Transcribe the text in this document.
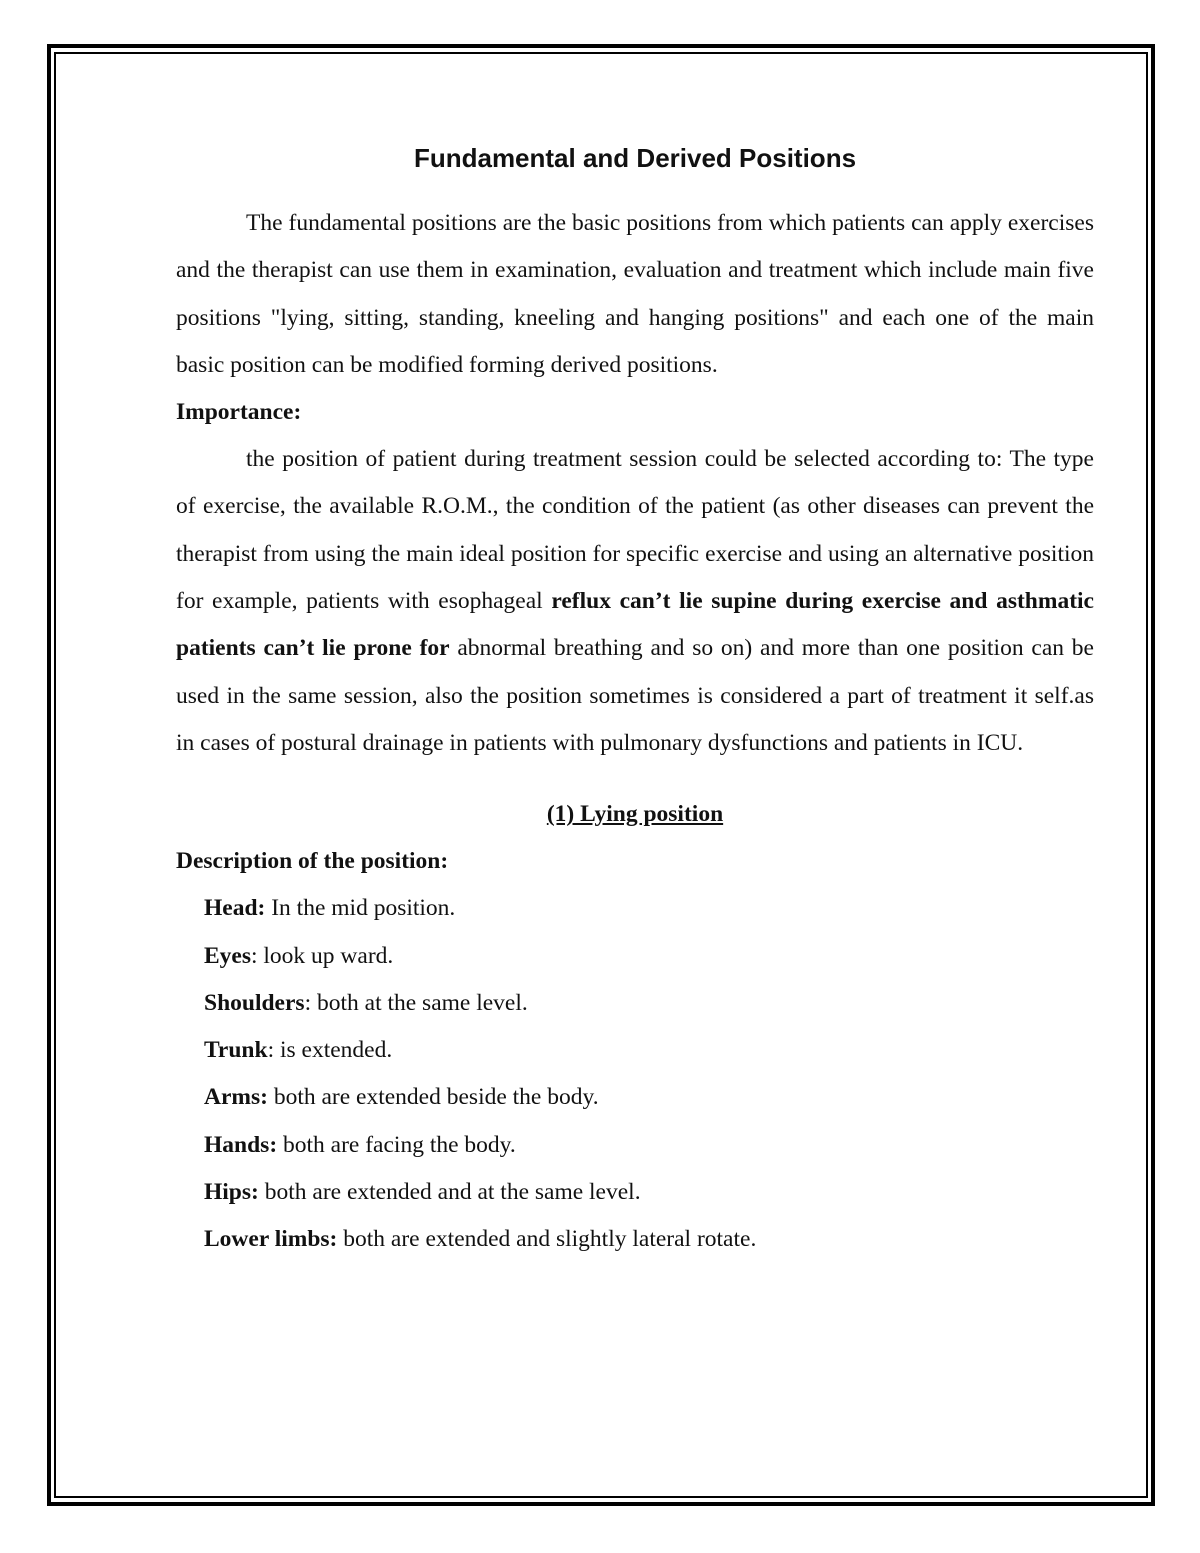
Fundamental and Derived Positions

The fundamental positions are the basic positions from which patients can apply exercises and the therapist can use them in examination, evaluation and treatment which include main five positions "lying, sitting, standing, kneeling and hanging positions" and each one of the main basic position can be modified forming derived positions.

Importance:

the position of patient during treatment session could be selected according to: The type of exercise, the available R.O.M., the condition of the patient (as other diseases can prevent the therapist from using the main ideal position for specific exercise and using an alternative position for example, patients with esophageal reflux can’t lie supine during exercise and asthmatic patients can’t lie prone for abnormal breathing and so on) and more than one position can be used in the same session, also the position sometimes is considered a part of treatment it self.as in cases of postural drainage in patients with pulmonary dysfunctions and patients in ICU.

(1) Lying position

Description of the position:

Head: In the mid position.
Eyes: look up ward.
Shoulders: both at the same level.
Trunk: is extended.
Arms: both are extended beside the body.
Hands: both are facing the body.
Hips: both are extended and at the same level.
Lower limbs: both are extended and slightly lateral rotate.
